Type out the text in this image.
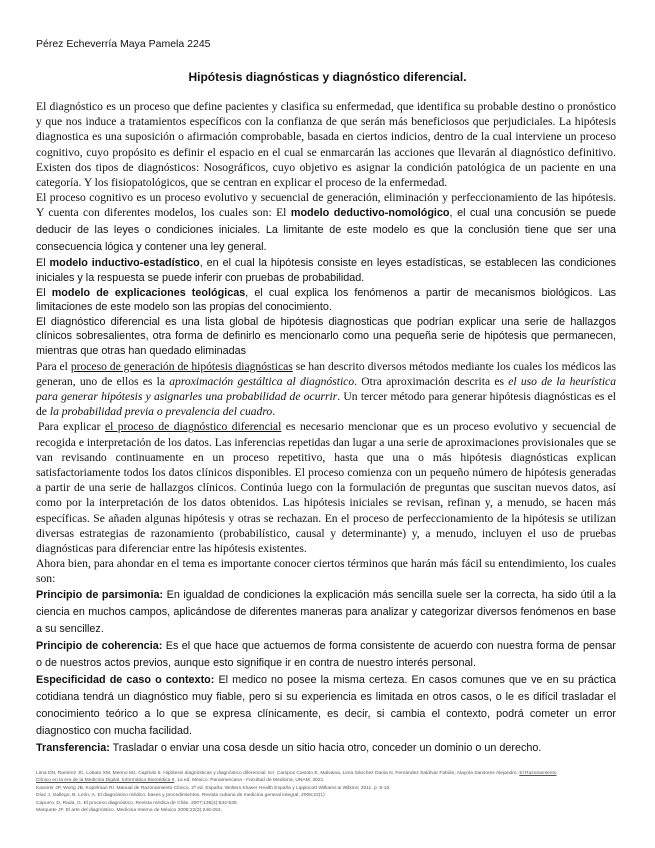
Pérez Echeverría Maya Pamela 2245
Hipótesis diagnósticas y diagnóstico diferencial.

El diagnóstico es un proceso que define pacientes y clasifica su enfermedad, que identifica su probable destino o pronóstico y que nos induce a tratamientos específicos con la confianza de que serán más beneficiosos que perjudiciales. La hipótesis diagnostica es una suposición o afirmación comprobable, basada en ciertos indicios, dentro de la cual interviene un proceso cognitivo, cuyo propósito es definir el espacio en el cual se enmarcarán las acciones que llevarán al diagnóstico definitivo. Existen dos tipos de diagnósticos: Nosográficos, cuyo objetivo es asignar la condición patológica de un paciente en una categoría. Y los fisiopatológicos, que se centran en explicar el proceso de la enfermedad.

El proceso cognitivo es un proceso evolutivo y secuencial de generación, eliminación y perfeccionamiento de las hipótesis. Y cuenta con diferentes modelos, los cuales son: El modelo deductivo-nomológico, el cual una concusión se puede deducir de las leyes o condiciones iniciales. La limitante de este modelo es que la conclusión tiene que ser una consecuencia lógica y contener una ley general.

El modelo inductivo-estadístico, en el cual la hipótesis consiste en leyes estadísticas, se establecen las condiciones iniciales y la respuesta se puede inferir con pruebas de probabilidad.

El modelo de explicaciones teológicas, el cual explica los fenómenos a partir de mecanismos biológicos. Las limitaciones de este modelo son las propias del conocimiento.

El diagnóstico diferencial es una lista global de hipótesis diagnosticas que podrían explicar una serie de hallazgos clínicos sobresalientes, otra forma de definirlo es mencionarlo como una pequeña serie de hipótesis que permanecen, mientras que otras han quedado eliminadas

Para el proceso de generación de hipótesis diagnósticas se han descrito diversos métodos mediante los cuales los médicos las generan, uno de ellos es la aproximación gestáltica al diagnóstico. Otra aproximación descrita es el uso de la heurística para generar hipótesis y asignarles una probabilidad de ocurrir. Un tercer método para generar hipótesis diagnósticas es el de la probabilidad previa o prevalencia del cuadro.

Para explicar el proceso de diagnóstico diferencial es necesario mencionar que es un proceso evolutivo y secuencial de recogida e interpretación de los datos. Las inferencias repetidas dan lugar a una serie de aproximaciones provisionales que se van revisando continuamente en un proceso repetitivo, hasta que una o más hipótesis diagnósticas explican satisfactoriamente todos los datos clínicos disponibles. El proceso comienza con un pequeño número de hipótesis generadas a partir de una serie de hallazgos clínicos. Continúa luego con la formulación de preguntas que suscitan nuevos datos, así como por la interpretación de los datos obtenidos. Las hipótesis iniciales se revisan, refinan y, a menudo, se hacen más específicas. Se añaden algunas hipótesis y otras se rechazan. En el proceso de perfeccionamiento de la hipótesis se utilizan diversas estrategias de razonamiento (probabilístico, causal y determinante) y, a menudo, incluyen el uso de pruebas diagnósticas para diferenciar entre las hipótesis existentes.

Ahora bien, para ahondar en el tema es importante conocer ciertos términos que harán más fácil su entendimiento, los cuales son:

Principio de parsimonia: En igualdad de condiciones la explicación más sencilla suele ser la correcta, ha sido útil a la ciencia en muchos campos, aplicándose de diferentes maneras para analizar y categorizar diversos fenómenos en base a su sencillez.

Principio de coherencia: Es el que hace que actuemos de forma consistente de acuerdo con nuestra forma de pensar o de nuestros actos previos, aunque esto signifique ir en contra de nuestro interés personal.

Especificidad de caso o contexto: El medico no posee la misma certeza. En casos comunes que ve en su práctica cotidiana tendrá un diagnóstico muy fiable, pero si su experiencia es limitada en otros casos, o le es difícil trasladar el conocimiento teórico a lo que se expresa clínicamente, es decir, si cambia el contexto, podrá cometer un error diagnostico con mucha facilidad.

Transferencia: Trasladar o enviar una cosa desde un sitio hacia otro, conceder un dominio o un derecho.

Lima DN, Ramírez JC, Lobato XM, Merino MJ. Capítulo 5. Hipótesis diagnósticas y diagnóstico diferencial. En: Campos Castolo E, Malvaina, Lima Sánchez Dania N, Fernández Saldívar Fabián, Alayola Sansores Alejandro. El Razonamiento
Clínico en la era de la Medicina Digital. Informática Biomédica II, 1a ed. México: Panamericana - Facultad de Medicina, UNAM; 2021
Kassirer JP, Wong JB, Kopelman RI. Manual de Razonamiento Clínico. 2ª ed. España: Wolters Kluwer Health España y Lippincott Williams & Wilkins; 2011. p. 8-10.
Díaz J, Gallego, B, León, A. El diagnóstico médico: bases y procedimientos. Revista cubana de medicina general integral, 2006;22(1)
Capurro, D, Rada, G. El proceso diagnóstico. Revista médica de Chile. 2007;135(4):534-538.
Marquete JF. El arte del diagnóstico. Medicina Interna de México 2006;22(3):246-252.
